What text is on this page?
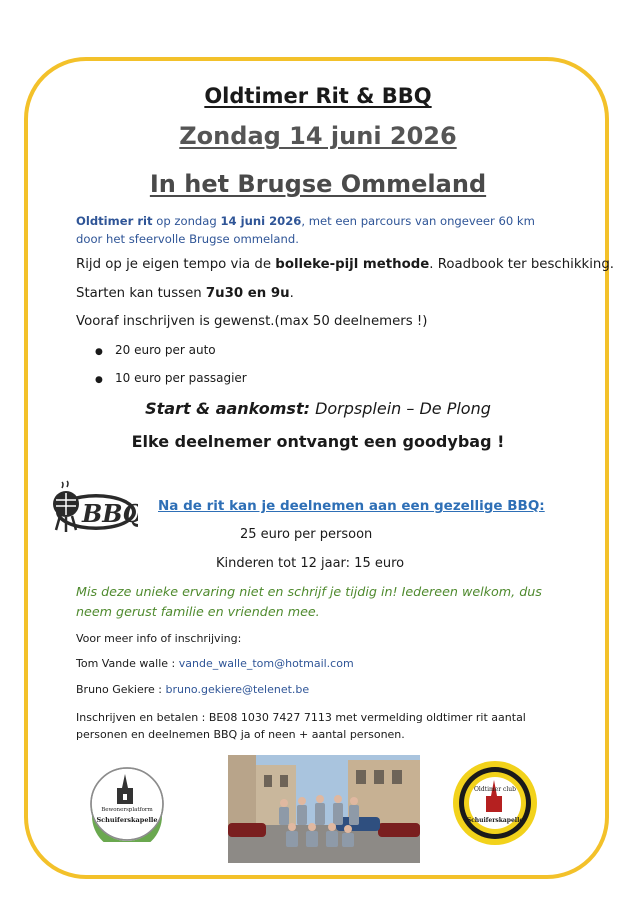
Oldtimer Rit & BBQ
Zondag 14 juni 2026
In het Brugse Ommeland
Oldtimer rit op zondag 14 juni 2026, met een parcours van ongeveer 60 km door het sfeervolle Brugse ommeland.
Rijd op je eigen tempo via de bolleke-pijl methode. Roadbook ter beschikking.
Starten kan tussen 7u30 en 9u.
Vooraf inschrijven is gewenst.(max 50 deelnemers !)
● 20 euro per auto
● 10 euro per passagier
Start & aankomst: Dorpsplein – De Plong
Elke deelnemer ontvangt een goodybag !
BBQ Na de rit kan je deelnemen aan een gezellige BBQ:
25 euro per persoon
Kinderen tot 12 jaar: 15 euro
Mis deze unieke ervaring niet en schrijf je tijdig in! Iedereen welkom, dus neem gerust familie en vrienden mee.
Voor meer info of inschrijving:
Tom Vande walle : vande_walle_tom@hotmail.com
Bruno Gekiere : bruno.gekiere@telenet.be
Inschrijven en betalen : BE08 1030 7427 7113 met vermelding oldtimer rit aantal personen en deelnemen BBQ ja of neen + aantal personen.
Bewonersplatform
Schuiferskapelle
Oldtimer club
Schuiferskapelle
